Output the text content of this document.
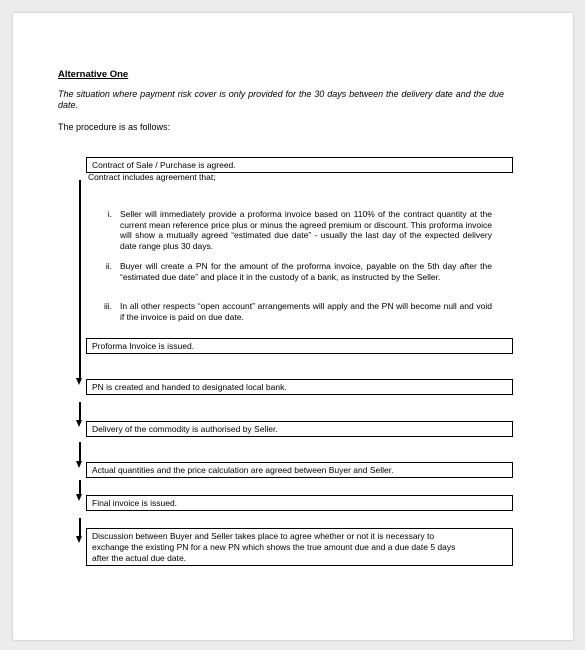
Alternative One
The situation where payment risk cover is only provided for the 30 days between the delivery date and the due date.
The procedure is as follows:
Contract of Sale / Purchase is agreed.
Contract includes agreement that;
i. Seller will immediately provide a proforma invoice based on 110% of the contract quantity at the current mean reference price plus or minus the agreed premium or discount. This proforma invoice will show a mutually agreed “estimated due date” - usually the last day of the expected delivery date range plus 30 days.
ii. Buyer will create a PN for the amount of the proforma invoice, payable on the 5th day after the “estimated due date” and place it in the custody of a bank, as instructed by the Seller.
iii. In all other respects “open account” arrangements will apply and the PN will become null and void if the invoice is paid on due date.
Proforma Invoice is issued.
PN is created and handed to designated local bank.
Delivery of the commodity is authorised by Seller.
Actual quantities and the price calculation are agreed between Buyer and Seller.
Final invoice is issued.
Discussion between Buyer and Seller takes place to agree whether or not it is necessary to exchange the existing PN for a new PN which shows the true amount due and a due date 5 days after the actual due date.
